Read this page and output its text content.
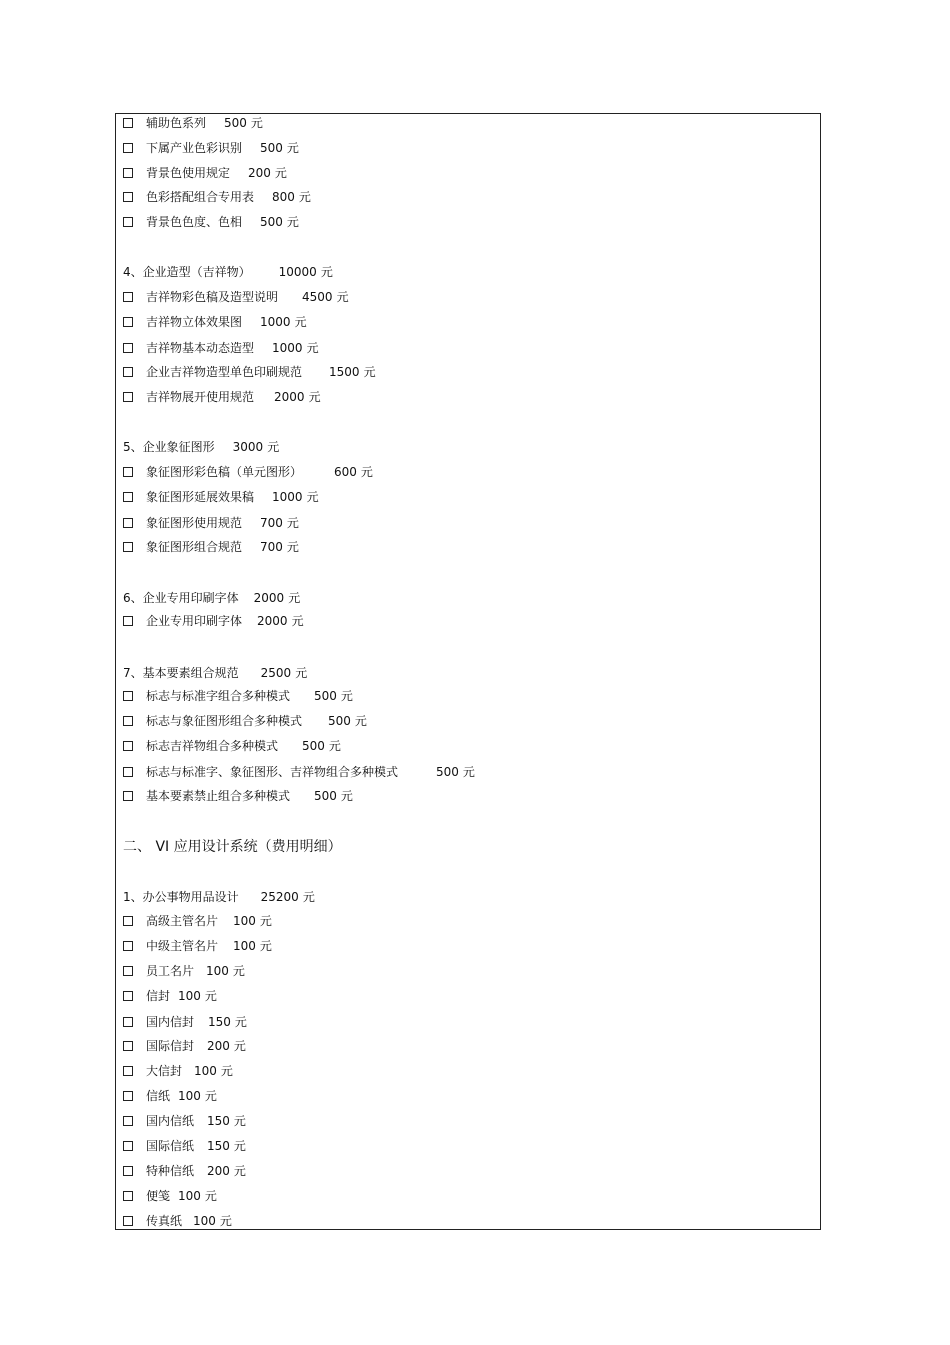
辅助色系列 500 元
下属产业色彩识别 500 元
背景色使用规定 200 元
色彩搭配组合专用表 800 元
背景色色度、色相 500 元
4、企业造型（吉祥物） 10000 元
吉祥物彩色稿及造型说明 4500 元
吉祥物立体效果图 1000 元
吉祥物基本动态造型 1000 元
企业吉祥物造型单色印刷规范 1500 元
吉祥物展开使用规范 2000 元
5、企业象征图形 3000 元
象征图形彩色稿（单元图形）	600 元
象征图形延展效果稿 1000 元
象征图形使用规范 700 元
象征图形组合规范 700 元
6、企业专用印刷字体 2000 元
企业专用印刷字体 2000 元
7、基本要素组合规范 2500 元
标志与标准字组合多种模式 500 元
标志与象征图形组合多种模式 500 元
标志吉祥物组合多种模式 500 元
标志与标准字、象征图形、吉祥物组合多种模式	500 元
基本要素禁止组合多种模式 500 元
1、办公事物用品设计 25200 元
高级主管名片 100 元
中级主管名片 100 元
员工名片 100 元
信封 100 元
国内信封 150 元
国际信封 200 元
大信封 100 元
信纸 100 元
国内信纸 150 元
国际信纸 150 元
特种信纸 200 元
便笺 100 元
传真纸 100 元
二、 VI 应用设计系统（费用明细）
